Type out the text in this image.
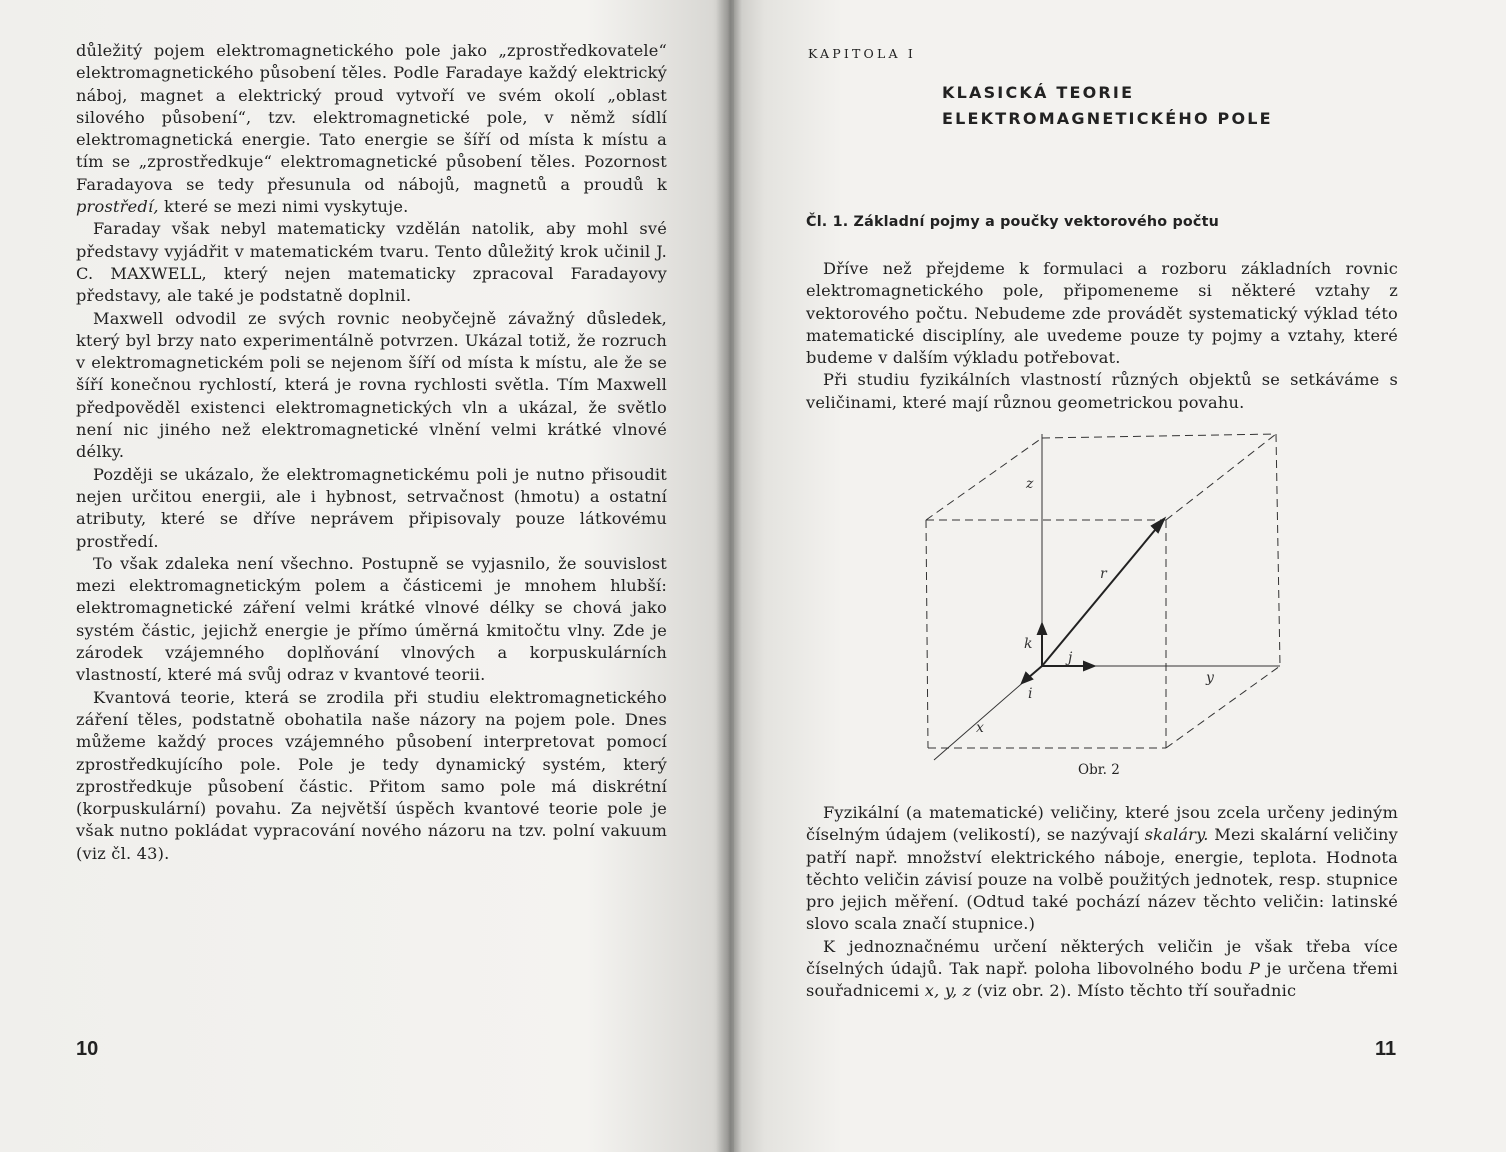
důležitý pojem elektromagnetického pole jako „zprostředkovatele“ elektromagnetického působení těles. Podle Faradaye každý elektrický náboj, magnet a elektrický proud vytvoří ve svém okolí „oblast silového působení“, tzv. elektromagnetické pole, v němž sídlí elektromagnetická energie. Tato energie se šíří od místa k místu a tím se „zprostředkuje“ elektromagnetické působení těles. Pozornost Faradayova se tedy přesunula od nábojů, magnetů a proudů k prostředí, které se mezi nimi vyskytuje.

Faraday však nebyl matematicky vzdělán natolik, aby mohl své představy vyjádřit v matematickém tvaru. Tento důležitý krok učinil J. C. MAXWELL, který nejen matematicky zpracoval Faradayovy představy, ale také je podstatně doplnil.

Maxwell odvodil ze svých rovnic neobyčejně závažný důsledek, který byl brzy nato experimentálně potvrzen. Ukázal totiž, že rozruch v elektromagnetickém poli se nejenom šíří od místa k místu, ale že se šíří konečnou rychlostí, která je rovna rychlosti světla. Tím Maxwell předpověděl existenci elektromagnetických vln a ukázal, že světlo není nic jiného než elektromagnetické vlnění velmi krátké vlnové délky.

Později se ukázalo, že elektromagnetickému poli je nutno přisoudit nejen určitou energii, ale i hybnost, setrvačnost (hmotu) a ostatní atributy, které se dříve neprávem připisovaly pouze látkovému prostředí.

To však zdaleka není všechno. Postupně se vyjasnilo, že souvislost mezi elektromagnetickým polem a částicemi je mnohem hlubší: elektromagnetické záření velmi krátké vlnové délky se chová jako systém částic, jejichž energie je přímo úměrná kmitočtu vlny. Zde je zárodek vzájemného doplňování vlnových a korpuskulárních vlastností, které má svůj odraz v kvantové teorii.

Kvantová teorie, která se zrodila při studiu elektromagnetického záření těles, podstatně obohatila naše názory na pojem pole. Dnes můžeme každý proces vzájemného působení interpretovat pomocí zprostředkujícího pole. Pole je tedy dynamický systém, který zprostředkuje působení částic. Přitom samo pole má diskrétní (korpuskulární) povahu. Za největší úspěch kvantové teorie pole je však nutno pokládat vypracování nového názoru na tzv. polní vakuum (viz čl. 43).

10
KAPITOLA I
KLASICKÁ TEORIE
ELEKTROMAGNETICKÉHO POLE
Čl. 1. Základní pojmy a poučky vektorového počtu

Dříve než přejdeme k formulaci a rozboru základních rovnic elektromagnetického pole, připomeneme si některé vztahy z vektorového počtu. Nebudeme zde provádět systematický výklad této matematické disciplíny, ale uvedeme pouze ty pojmy a vztahy, které budeme v dalším výkladu potřebovat.

Při studiu fyzikálních vlastností různých objektů se setkáváme s veličinami, které mají různou geometrickou povahu.

z
y
x
r
k
j
i
Obr. 2

Fyzikální (a matematické) veličiny, které jsou zcela určeny jediným číselným údajem (velikostí), se nazývají skaláry. Mezi skalární veličiny patří např. množství elektrického náboje, energie, teplota. Hodnota těchto veličin závisí pouze na volbě použitých jednotek, resp. stupnice pro jejich měření. (Odtud také pochází název těchto veličin: latinské slovo scala značí stupnice.)

K jednoznačnému určení některých veličin je však třeba více číselných údajů. Tak např. poloha libovolného bodu P je určena třemi souřadnicemi x, y, z (viz obr. 2). Místo těchto tří souřadnic

11
